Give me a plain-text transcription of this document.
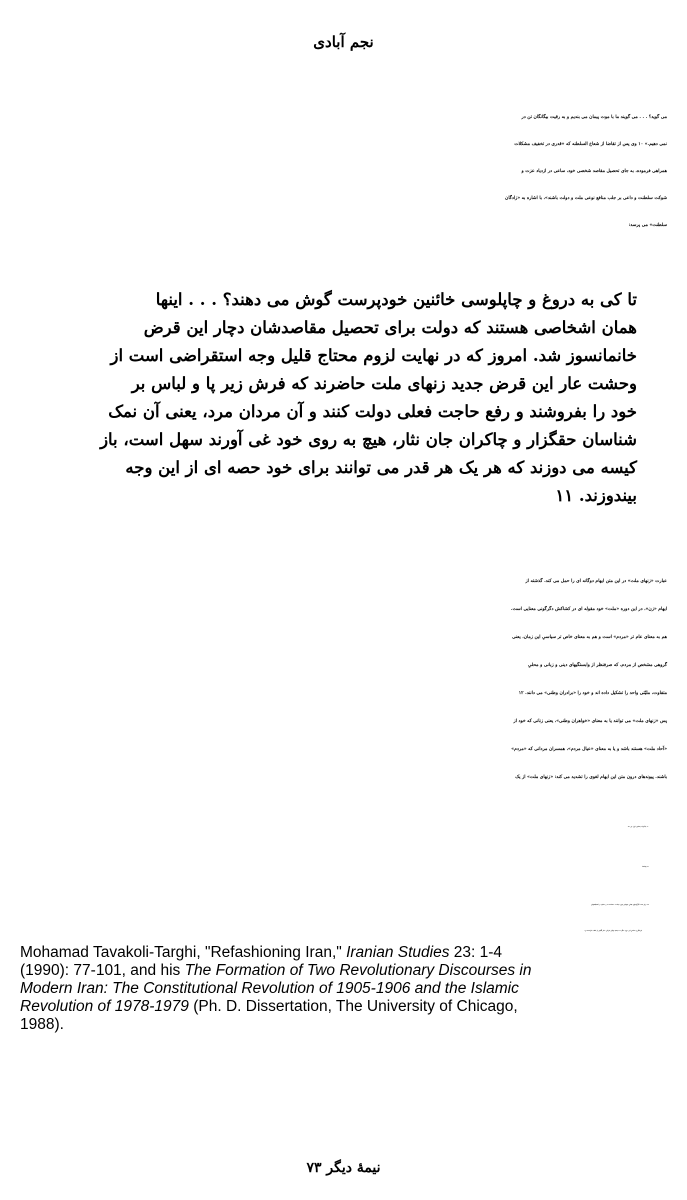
نجم آبادی
می گوید؟ . . . می گویند ما با موت پیمان می بندیم و به رقیت بیگانگان تن در
نمی دهیم.» ۱۰ وی پس از تقاضا از شعاع السلطنه که «قدری در تخفیف مشکلات
همراهی فرموده، به جای تحصیل مقاصد شخصی خود، ساعی در ازدیاد عزت و
شوکت سلطنت و داعی بر جلب منافع نوعی ملت و دولت باشند»، با اشاره به «زادگان
سلطنت» می پرسد:
تا کی به دروغ و چاپلوسی خائنین خودپرست گوش می دهند؟ . . . اینها
همان اشخاصی هستند که دولت برای تحصیل مقاصدشان دچار این قرض
خانمانسوز شد. امروز که در نهایت لزوم محتاج قلیل وجه استقراضی است از
وحشت عار این قرض جدید زنهای ملت حاضرند که فرش زیر پا و لباس بر
خود را بفروشند و رفع حاجت فعلی دولت کنند و آن مردان مرد، یعنی آن نمک
شناسان حقگزار و چاکران جان نثار، هیچ به روی خود غی آورند سهل است، باز
کیسه می دوزند که هر یک هر قدر می توانند برای خود حصه ای از این وجه
بیندوزند. ۱۱
عبارت «زنهای ملت» در این متن ایهام دوگانه ای را حمل می کند. گذشته از
ایهام «زن»، در این دوره «ملت» خود مقوله ای در کشاکش دگرگونی معنایی است.
هم به معنای عام تر «مردم» است و هم به معنای خاص تر سیاسیِ این زمان، یعنی
گروهی مشخص از مردم، که صرفنظر از وابستگیهای دینی و زبانی و محلیِ
متفاوت، ملیّتی واحد را تشکیل داده اند و خود را «برادران وطنی» می دانند. ۱۲
پس «زنهای ملت» می توانند یا به معنای «خواهران وطنی»، یعنی زنانی که خود از
«آحاد ملت» هستند باشد و یا به معنای «عیال مردم»، همسران مردانی که «مردم»
باشند. پیوندهای درون متن این ایهام لغوی را تشدید می کند: «زنهای ملت» از یک
۱۰. مذاکرات مجلس، اول، ص ۳۱.
۱۱. همانجا.
۱۲. برای بحث دگرگونیهای معانیِ مقولاتی چون «ملت»، «سیاست»، و «علم» در کشمکشهای
فرهنگی و سیاسیِ این دوره، بنگرید به محمد توکلی طرقی، «اثر آگاهی از انقلاب فرانسه» و:
Mohamad Tavakoli-Targhi, "Refashioning Iran," Iranian Studies 23: 1-4
(1990): 77-101, and his The Formation of Two Revolutionary Discourses in
Modern Iran: The Constitutional Revolution of 1905-1906 and the Islamic
Revolution of 1978-1979 (Ph. D. Dissertation, The University of Chicago,
1988).
نیمهٔ دیگر ۷۳
